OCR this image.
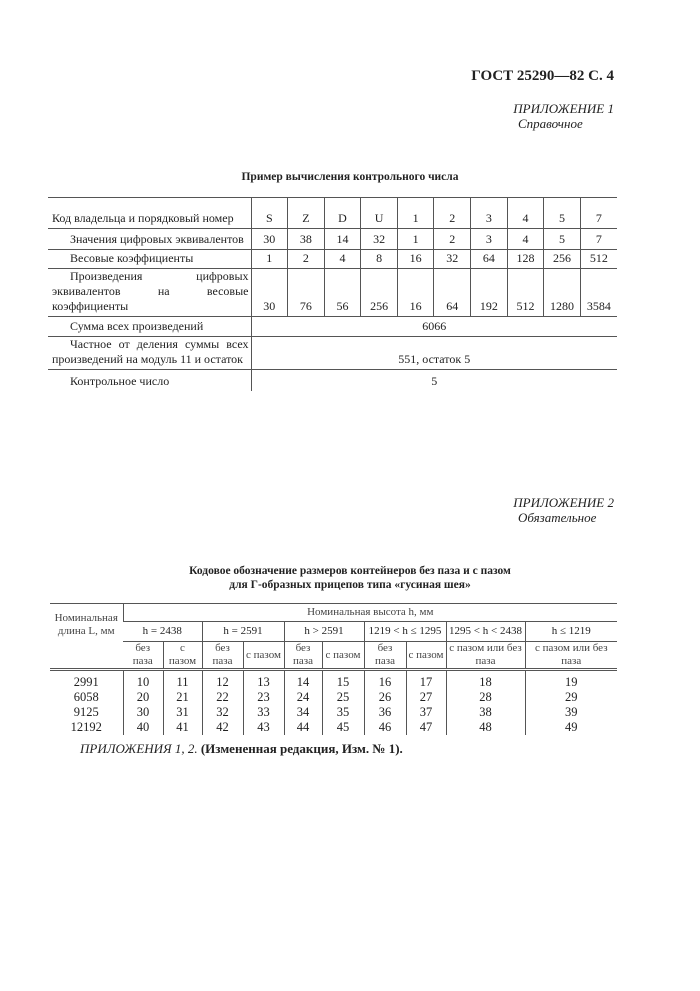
ГОСТ 25290—82 С. 4
ПРИЛОЖЕНИЕ 1
Справочное
Пример вычисления контрольного числа
Код владельца и порядковый номер	S	Z	D	U	1	2	3	4	5	7
Значения цифровых эквивалентов	30	38	14	32	1	2	3	4	5	7
Весовые коэффициенты	1	2	4	8	16	32	64	128	256	512
Произведения цифровых эквивалентов на весовые коэффициенты	30	76	56	256	16	64	192	512	1280	3584
Сумма всех произведений	6066									
Частное от деления суммы всех произведений на модуль 11 и остаток	551, остаток 5									
Контрольное число	5									
ПРИЛОЖЕНИЕ 2
Обязательное
Кодовое обозначение размеров контейнеров без паза и с пазом
для Г-образных прицепов типа «гусиная шея»
Номинальная длина L, мм	Номинальная высота h, мм									
	h = 2438		h = 2591		h > 2591		1219 < h ≤ 1295		1295 < h < 2438	h ≤ 1219
	без паза	с пазом	без паза	с пазом	без паза	с пазом	без паза	с пазом	с пазом или без паза	с пазом или без паза
2991	10	11	12	13	14	15	16	17	18	19
6058	20	21	22	23	24	25	26	27	28	29
9125	30	31	32	33	34	35	36	37	38	39
12192	40	41	42	43	44	45	46	47	48	49
ПРИЛОЖЕНИЯ 1, 2. (Измененная редакция, Изм. № 1).
